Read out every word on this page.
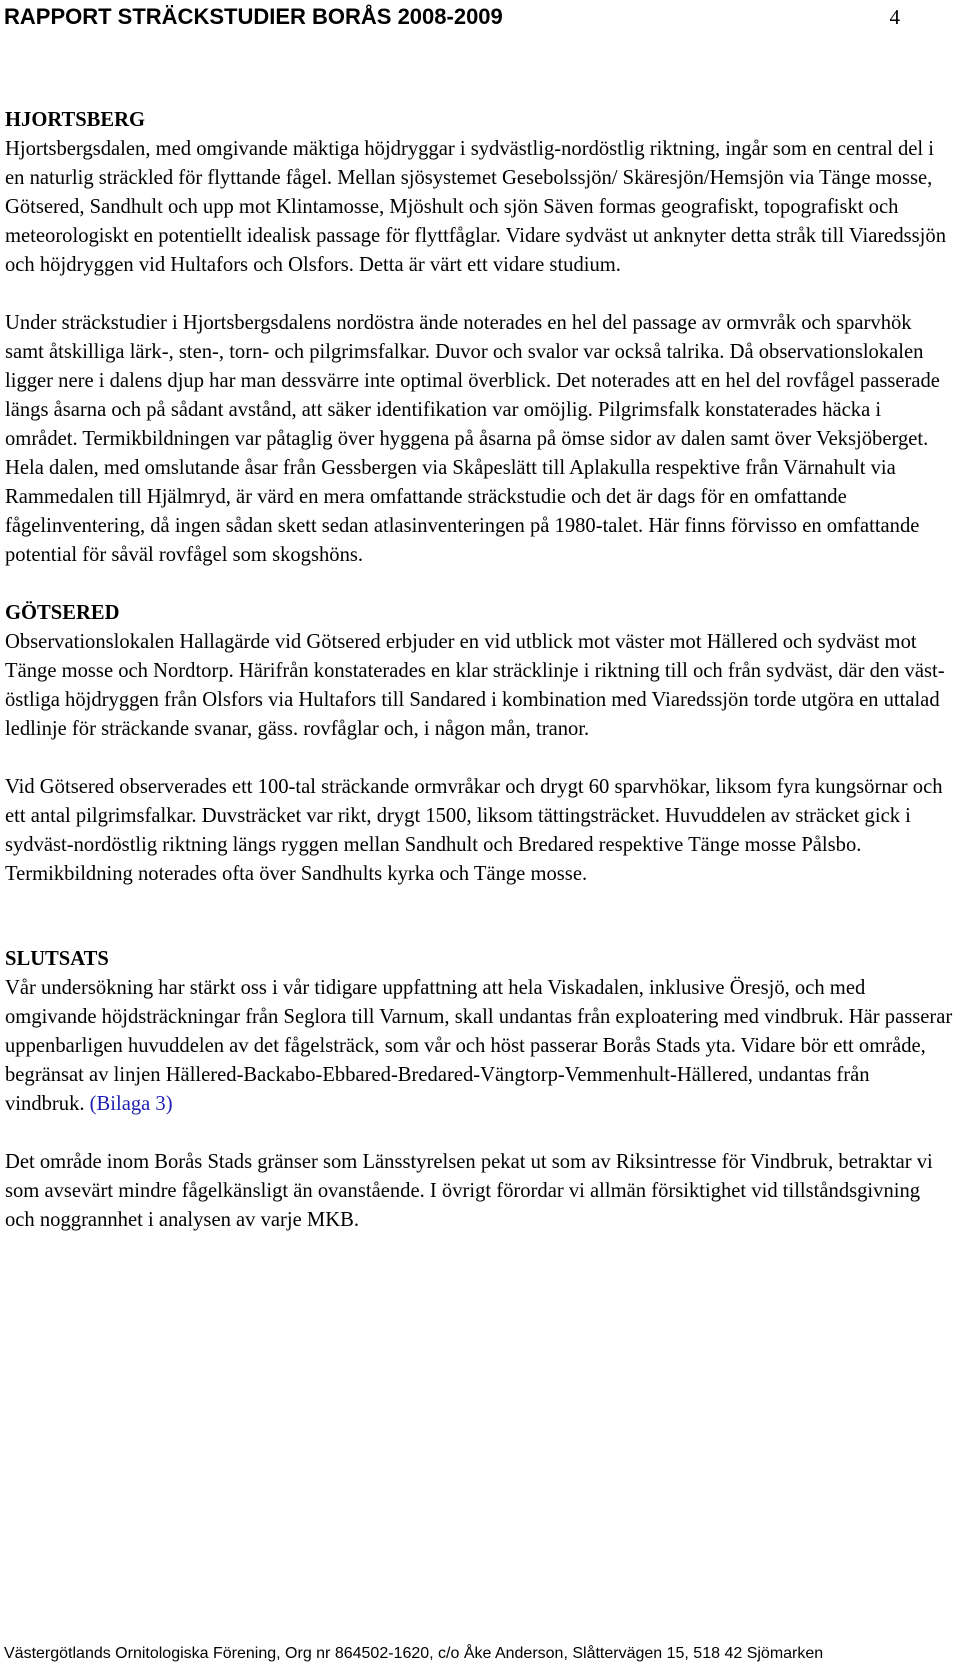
RAPPORT STRÄCKSTUDIER BORÅS 2008-2009	4
HJORTSBERG

Hjortsbergsdalen, med omgivande mäktiga höjdryggar i sydvästlig-nordöstlig riktning, ingår som en central del i en naturlig sträckled för flyttande fågel. Mellan sjösystemet Gesebolssjön/ Skäresjön/Hemsjön via Tänge mosse, Götsered, Sandhult och upp mot Klintamosse, Mjöshult och sjön Säven formas geografiskt, topografiskt och meteorologiskt en potentiellt idealisk passage för flyttfåglar. Vidare sydväst ut anknyter detta stråk till Viaredssjön och höjdryggen vid Hultafors och Olsfors. Detta är värt ett vidare studium.

Under sträckstudier i Hjortsbergsdalens nordöstra ände noterades en hel del passage av ormvråk och sparvhök samt åtskilliga lärk-, sten-, torn- och pilgrimsfalkar. Duvor och svalor var också talrika. Då observationslokalen ligger nere i dalens djup har man dessvärre inte optimal överblick. Det noterades att en hel del rovfågel passerade längs åsarna och på sådant avstånd, att säker identifikation var omöjlig. Pilgrimsfalk konstaterades häcka i området. Termikbildningen var påtaglig över hyggena på åsarna på ömse sidor av dalen samt över Veksjöberget.

Hela dalen, med omslutande åsar från Gessbergen via Skåpeslätt till Aplakulla respektive från Värnahult via Rammedalen till Hjälmryd, är värd en mera omfattande sträckstudie och det är dags för en omfattande fågelinventering, då ingen sådan skett sedan atlasinventeringen på 1980-talet. Här finns förvisso en omfattande potential för såväl rovfågel som skogshöns.

GÖTSERED

Observationslokalen Hallagärde vid Götsered erbjuder en vid utblick mot väster mot Hällered och sydväst mot Tänge mosse och Nordtorp. Härifrån konstaterades en klar sträcklinje i riktning till och från sydväst, där den väst-östliga höjdryggen från Olsfors via Hultafors till Sandared i kombination med Viaredssjön torde utgöra en uttalad ledlinje för sträckande svanar, gäss. rovfåglar och, i någon mån, tranor.

Vid Götsered observerades ett 100-tal sträckande ormvråkar och drygt 60 sparvhökar, liksom fyra kungsörnar och ett antal pilgrimsfalkar. Duvsträcket var rikt, drygt 1500, liksom tättingsträcket. Huvuddelen av sträcket gick i sydväst-nordöstlig riktning längs ryggen mellan Sandhult och Bredared respektive Tänge mosse Pålsbo. Termikbildning noterades ofta över Sandhults kyrka och Tänge mosse.

SLUTSATS

Vår undersökning har stärkt oss i vår tidigare uppfattning att hela Viskadalen, inklusive Öresjö, och med omgivande höjdsträckningar från Seglora till Varnum, skall undantas från exploatering med vindbruk. Här passerar uppenbarligen huvuddelen av det fågelsträck, som vår och höst passerar Borås Stads yta. Vidare bör ett område, begränsat av linjen Hällered-Backabo-Ebbared-Bredared-Vängtorp-Vemmenhult-Hällered, undantas från vindbruk. (Bilaga 3)

Det område inom Borås Stads gränser som Länsstyrelsen pekat ut som av Riksintresse för Vindbruk, betraktar vi som avsevärt mindre fågelkänsligt än ovanstående. I övrigt förordar vi allmän försiktighet vid tillståndsgivning och noggrannhet i analysen av varje MKB.

Västergötlands Ornitologiska Förening, Org nr 864502-1620, c/o Åke Anderson, Slåttervägen 15, 518 42 Sjömarken
